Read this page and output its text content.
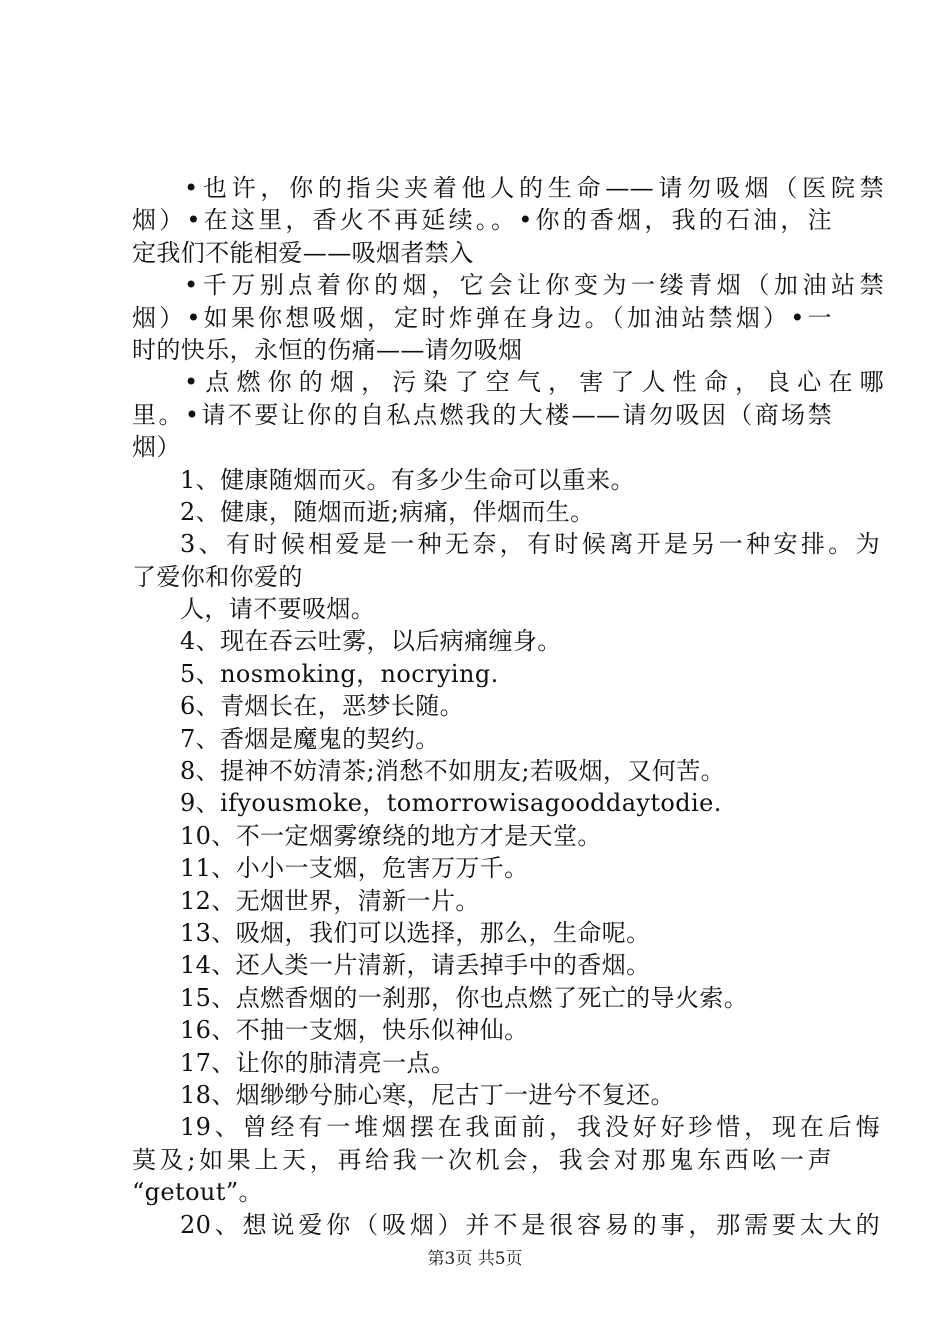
•也许，你的指尖夹着他人的生命——请勿吸烟（医院禁

烟）•在这里，香火不再延续。。•你的香烟，我的石油，注

定我们不能相爱——吸烟者禁入

•千万别点着你的烟，它会让你变为一缕青烟（加油站禁

烟）•如果你想吸烟，定时炸弹在身边。（加油站禁烟）•一

时的快乐，永恒的伤痛——请勿吸烟

•点燃你的烟，污染了空气，害了人性命，良心在哪

里。•请不要让你的自私点燃我的大楼——请勿吸因（商场禁

烟）

1、健康随烟而灭。有多少生命可以重来。

2、健康，随烟而逝;病痛，伴烟而生。

3、有时候相爱是一种无奈，有时候离开是另一种安排。为

了爱你和你爱的

人，请不要吸烟。

4、现在吞云吐雾，以后病痛缠身。

5、nosmoking，nocrying.

6、青烟长在，恶梦长随。

7、香烟是魔鬼的契约。

8、提神不妨清茶;消愁不如朋友;若吸烟，又何苦。

9、ifyousmoke，tomorrowisagooddaytodie.

10、不一定烟雾缭绕的地方才是天堂。

11、小小一支烟，危害万万千。

12、无烟世界，清新一片。

13、吸烟，我们可以选择，那么，生命呢。

14、还人类一片清新，请丢掉手中的香烟。

15、点燃香烟的一刹那，你也点燃了死亡的导火索。

16、不抽一支烟，快乐似神仙。

17、让你的肺清亮一点。

18、烟缈缈兮肺心寒，尼古丁一进兮不复还。

19、曾经有一堆烟摆在我面前，我没好好珍惜，现在后悔

莫及;如果上天，再给我一次机会，我会对那鬼东西吆一声

“getout”。

20、想说爱你（吸烟）并不是很容易的事，那需要太大的

第3页 共5页
